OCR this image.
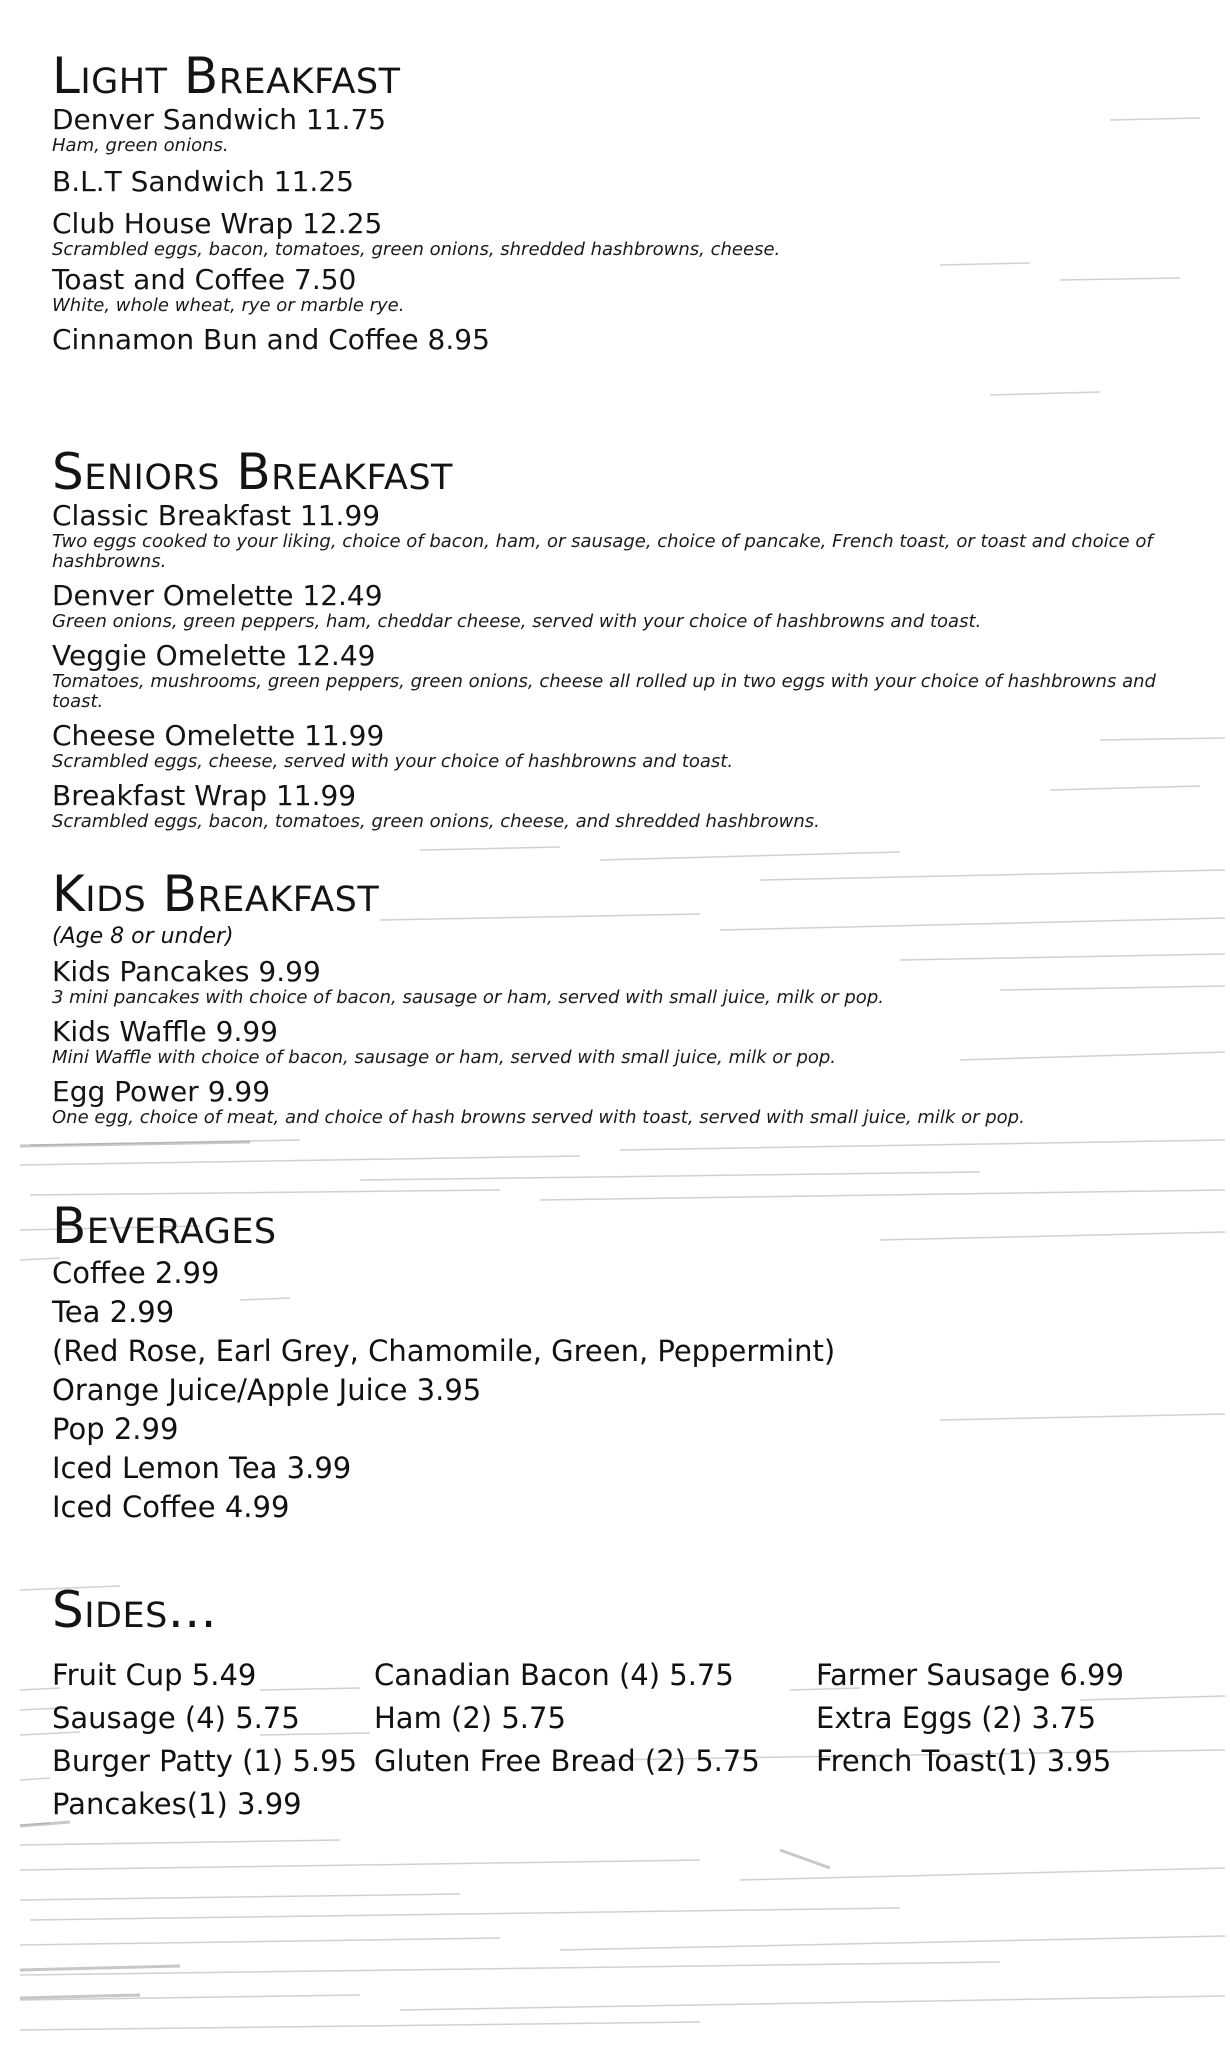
Light Breakfast

Denver Sandwich 11.75

Ham, green onions.

B.L.T Sandwich 11.25

Club House Wrap 12.25

Scrambled eggs, bacon, tomatoes, green onions, shredded hashbrowns, cheese.

Toast and Coffee 7.50

White, whole wheat, rye or marble rye.

Cinnamon Bun and Coffee 8.95

Seniors Breakfast

Classic Breakfast 11.99

Two eggs cooked to your liking, choice of bacon, ham, or sausage, choice of pancake, French toast, or toast and choice of hashbrowns.

Denver Omelette 12.49

Green onions, green peppers, ham, cheddar cheese, served with your choice of hashbrowns and toast.

Veggie Omelette 12.49

Tomatoes, mushrooms, green peppers, green onions, cheese all rolled up in two eggs with your choice of hashbrowns and toast.

Cheese Omelette 11.99

Scrambled eggs, cheese, served with your choice of hashbrowns and toast.

Breakfast Wrap 11.99

Scrambled eggs, bacon, tomatoes, green onions, cheese, and shredded hashbrowns.

Kids Breakfast

(Age 8 or under)

Kids Pancakes 9.99

3 mini pancakes with choice of bacon, sausage or ham, served with small juice, milk or pop.

Kids Waffle 9.99

Mini Waffle with choice of bacon, sausage or ham, served with small juice, milk or pop.

Egg Power 9.99

One egg, choice of meat, and choice of hash browns served with toast, served with small juice, milk or pop.

Beverages

Coffee 2.99

Tea 2.99

(Red Rose, Earl Grey, Chamomile, Green, Peppermint)

Orange Juice/Apple Juice 3.95

Pop 2.99

Iced Lemon Tea 3.99

Iced Coffee 4.99

Sides...

Fruit Cup 5.49

Sausage (4) 5.75

Burger Patty (1) 5.95

Pancakes(1) 3.99

Canadian Bacon (4) 5.75

Ham (2) 5.75

Gluten Free Bread (2) 5.75

Farmer Sausage 6.99

Extra Eggs (2) 3.75

French Toast(1) 3.95
